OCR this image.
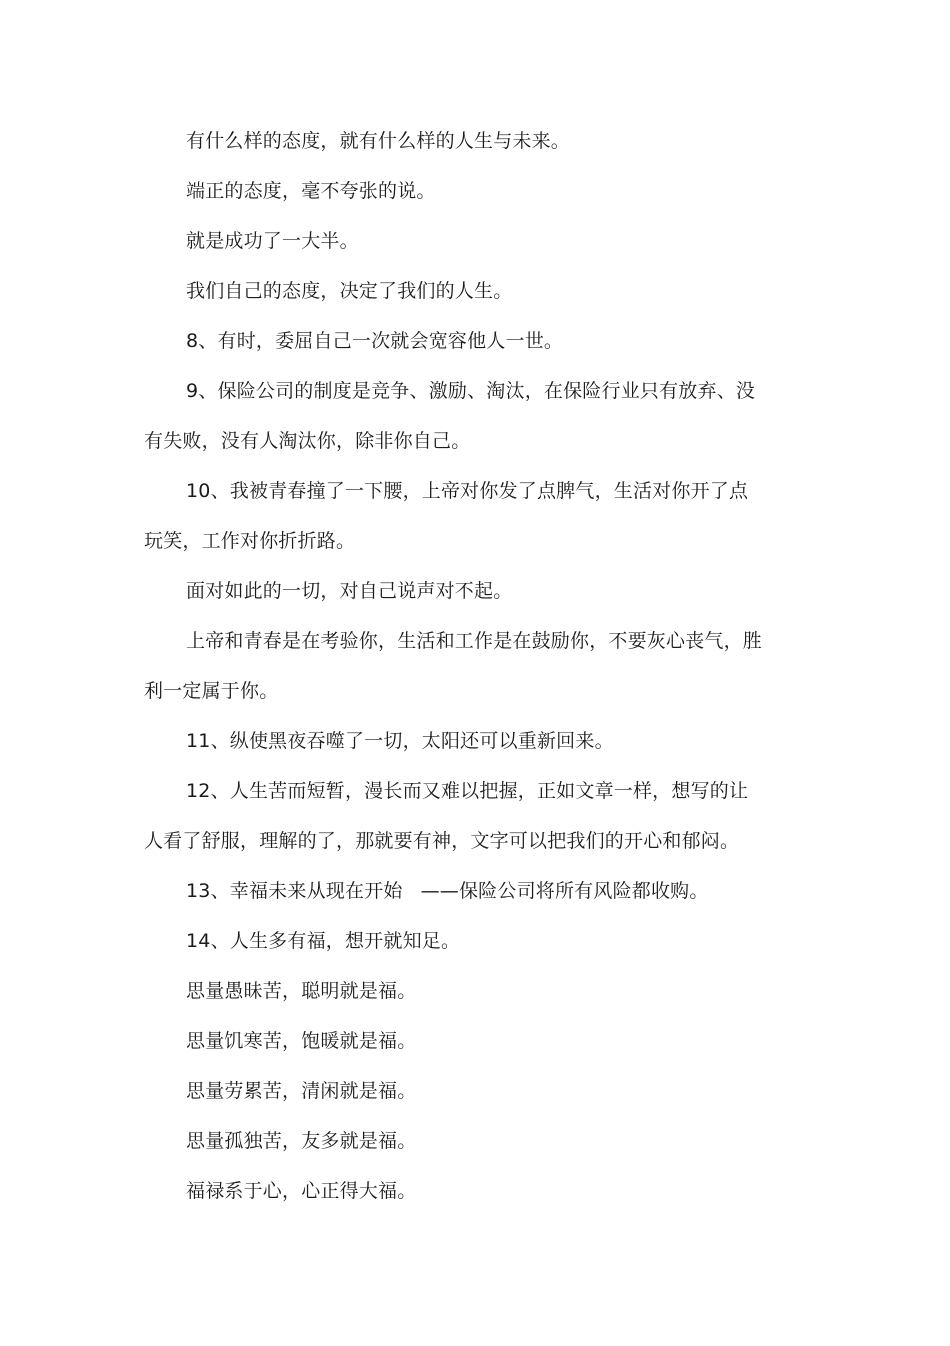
有什么样的态度，就有什么样的人生与未来。

端正的态度，毫不夸张的说。

就是成功了一大半。

我们自己的态度，决定了我们的人生。

8、有时，委屈自己一次就会宽容他人一世。

9、保险公司的制度是竞争、激励、淘汰，在保险行业只有放弃、没有失败，没有人淘汰你，除非你自己。

10、我被青春撞了一下腰，上帝对你发了点脾气，生活对你开了点玩笑，工作对你折折路。

面对如此的一切，对自己说声对不起。

上帝和青春是在考验你，生活和工作是在鼓励你，不要灰心丧气，胜利一定属于你。

11、纵使黑夜吞噬了一切，太阳还可以重新回来。

12、人生苦而短暂，漫长而又难以把握，正如文章一样，想写的让人看了舒服，理解的了，那就要有神，文字可以把我们的开心和郁闷。

13、幸福未来从现在开始 ——保险公司将所有风险都收购。

14、人生多有福，想开就知足。

思量愚昧苦，聪明就是福。

思量饥寒苦，饱暖就是福。

思量劳累苦，清闲就是福。

思量孤独苦，友多就是福。

福禄系于心，心正得大福。
